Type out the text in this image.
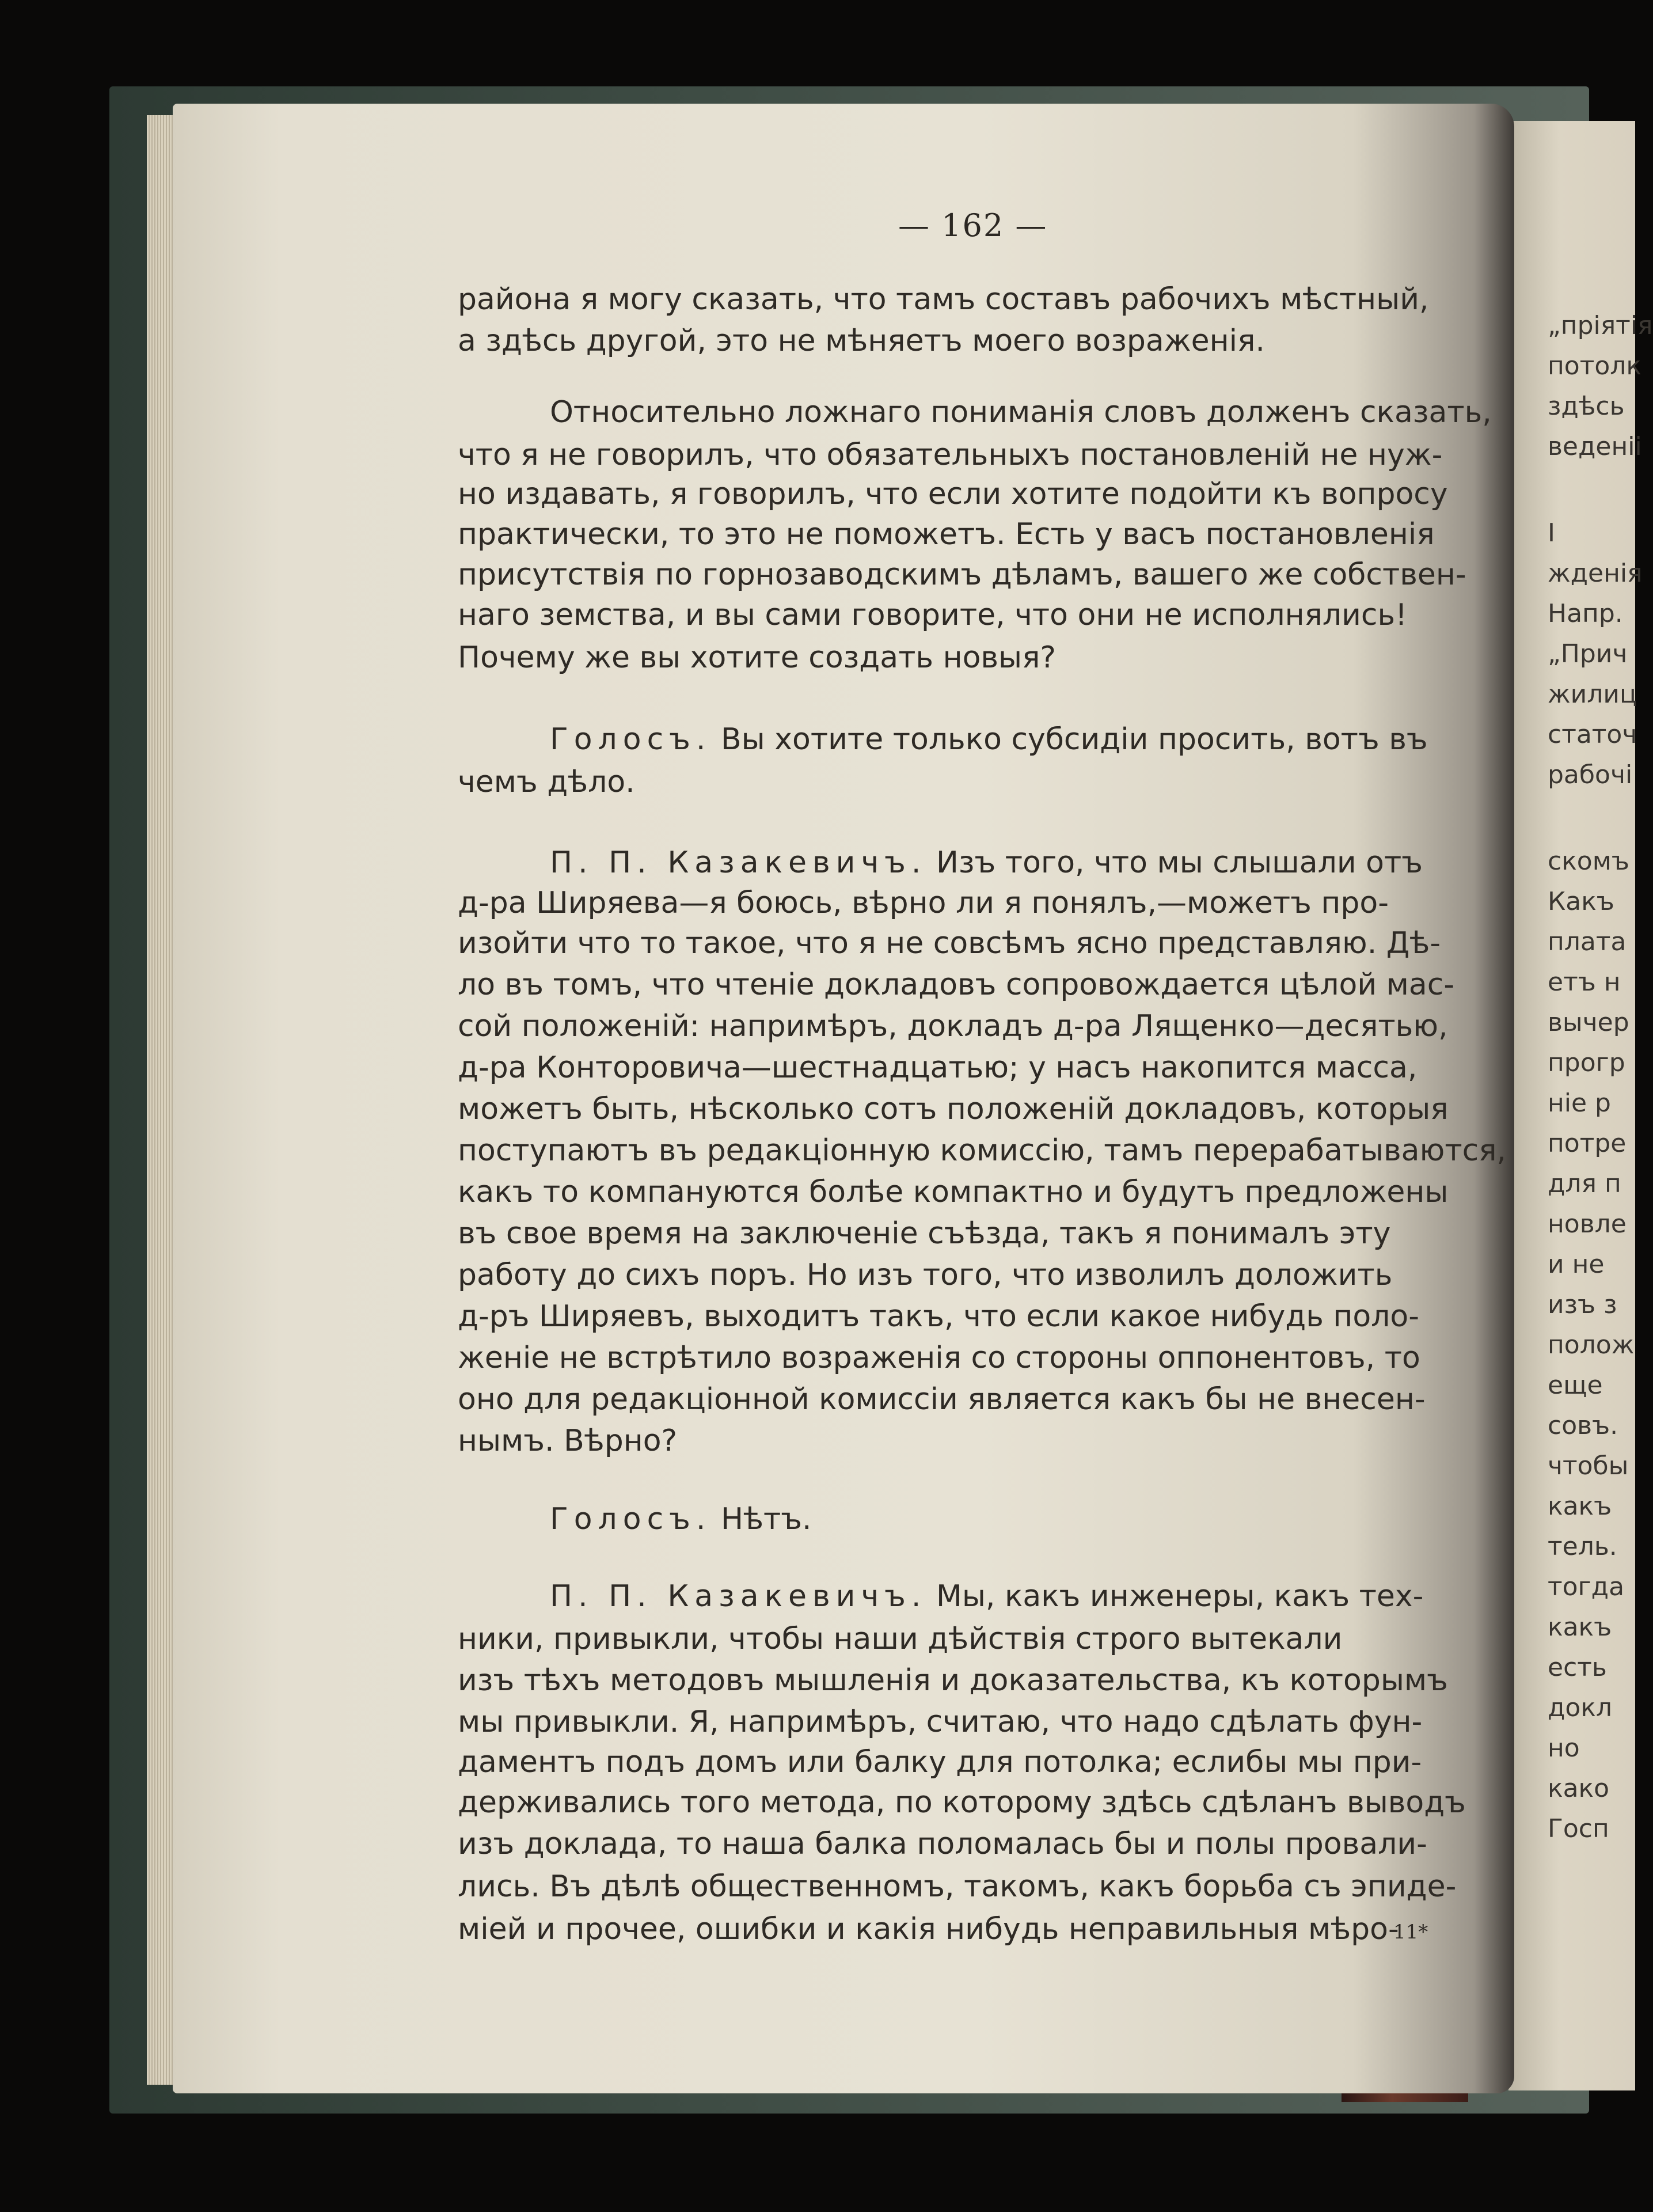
„пріятія
потолк
здѣсь
веденіі
I
жденія
Напр.
„Прич
жилиц
статоч
рабочі
скомъ
Какъ
плата
етъ н
вычер
прогр
ніе р
потре
для п
новле
и не
изъ з
полож
еще
совъ.
чтобы
какъ
тель.
тогда
какъ
есть
докл
но
како
Госп
— 162 —
района я могу сказать, что тамъ составъ рабочихъ мѣстный,
а здѣсь другой, это не мѣняетъ моего возраженія.
Относительно ложнаго пониманія словъ долженъ сказать,
что я не говорилъ, что обязательныхъ постановленій не нуж-
но издавать, я говорилъ, что если хотите подойти къ вопросу
практически, то это не поможетъ. Есть у васъ постановленія
присутствія по горнозаводскимъ дѣламъ, вашего же собствен-
наго земства, и вы сами говорите, что они не исполнялись!
Почему же вы хотите создать новыя?
Голосъ. Вы хотите только субсидіи просить, вотъ въ
чемъ дѣло.
П. П. Казакевичъ. Изъ того, что мы слышали отъ
д-ра Ширяева—я боюсь, вѣрно ли я понялъ,—можетъ про-
изойти что то такое, что я не совсѣмъ ясно представляю. Дѣ-
ло въ томъ, что чтеніе докладовъ сопровождается цѣлой мас-
сой положеній: напримѣръ, докладъ д-ра Лященко—десятью,
д-ра Конторовича—шестнадцатью; у насъ накопится масса,
можетъ быть, нѣсколько сотъ положеній докладовъ, которыя
поступаютъ въ редакціонную комиссію, тамъ перерабатываются,
какъ то компануются болѣе компактно и будутъ предложены
въ свое время на заключеніе съѣзда, такъ я понималъ эту
работу до сихъ поръ. Но изъ того, что изволилъ доложить
д-ръ Ширяевъ, выходитъ такъ, что если какое нибудь поло-
женіе не встрѣтило возраженія со стороны оппонентовъ, то
оно для редакціонной комиссіи является какъ бы не внесен-
нымъ. Вѣрно?
Голосъ. Нѣтъ.
П. П. Казакевичъ. Мы, какъ инженеры, какъ тех-
ники, привыкли, чтобы наши дѣйствія строго вытекали
изъ тѣхъ методовъ мышленія и доказательства, къ которымъ
мы привыкли. Я, напримѣръ, считаю, что надо сдѣлать фун-
даментъ подъ домъ или балку для потолка; еслибы мы при-
держивались того метода, по которому здѣсь сдѣланъ выводъ
изъ доклада, то наша балка поломалась бы и полы провали-
лись. Въ дѣлѣ общественномъ, такомъ, какъ борьба съ эпиде-
міей и прочее, ошибки и какія нибудь неправильныя мѣро-
11*
